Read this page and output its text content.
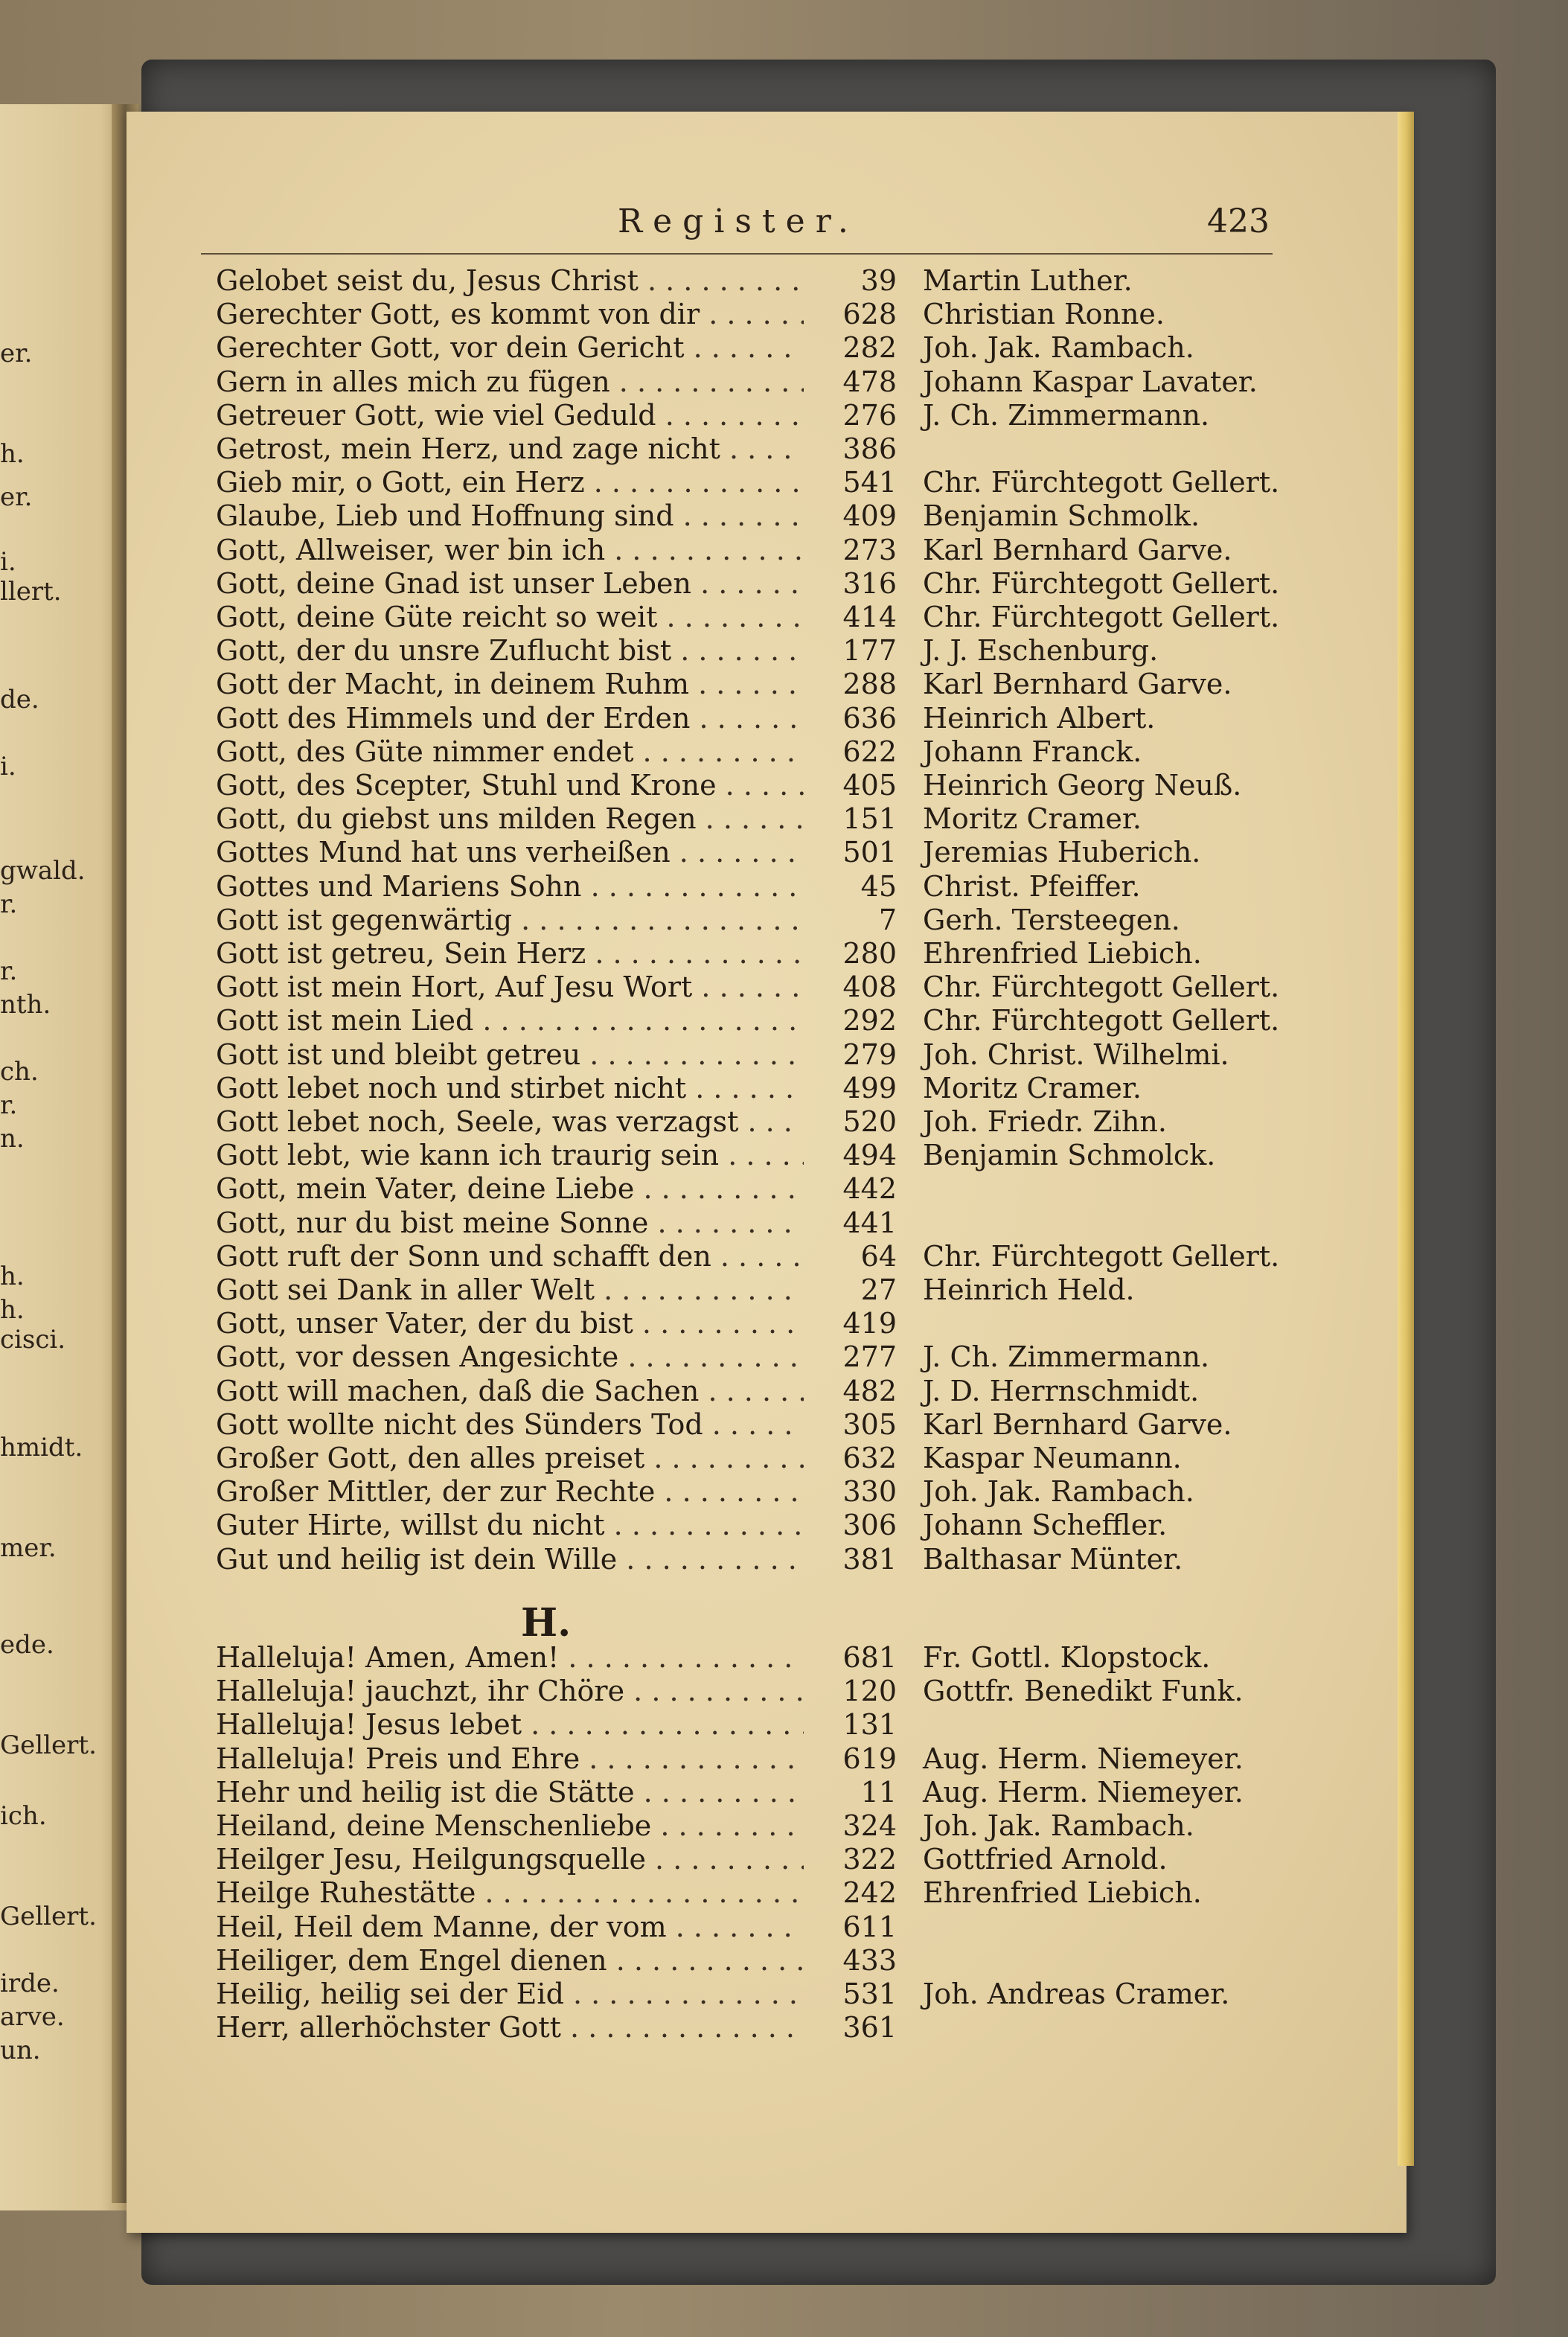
er.
h.
er.
i.
llert.
de.
i.
gwald.
r.
r.
nth.
ch.
r.
n.
h.
h.
cisci.
hmidt.
mer.
ede.
Gellert.
ich.
Gellert.
irde.
arve.
un.
Register.	423
Gelobet seist du, Jesus Christ . . .	39 Martin Luther.
Gerechter Gott, es kommt von dir . . .	628 Christian Ronne.
Gerechter Gott, vor dein Gericht . . .	282 Joh. Jak. Rambach.
Gern in alles mich zu fügen . . .	478 Johann Kaspar Lavater.
Getreuer Gott, wie viel Geduld . . .	276 J. Ch. Zimmermann.
Getrost, mein Herz, und zage nicht . . .	386
Gieb mir, o Gott, ein Herz . . .	541 Chr. Fürchtegott Gellert.
Glaube, Lieb und Hoffnung sind . . .	409 Benjamin Schmolk.
Gott, Allweiser, wer bin ich . . .	273 Karl Bernhard Garve.
Gott, deine Gnad ist unser Leben . . .	316 Chr. Fürchtegott Gellert.
Gott, deine Güte reicht so weit . . .	414 Chr. Fürchtegott Gellert.
Gott, der du unsre Zuflucht bist . . .	177 J. J. Eschenburg.
Gott der Macht, in deinem Ruhm . . .	288 Karl Bernhard Garve.
Gott des Himmels und der Erden . . .	636 Heinrich Albert.
Gott, des Güte nimmer endet . . .	622 Johann Franck.
Gott, des Scepter, Stuhl und Krone . . .	405 Heinrich Georg Neuß.
Gott, du giebst uns milden Regen . . .	151 Moritz Cramer.
Gottes Mund hat uns verheißen . . .	501 Jeremias Huberich.
Gottes und Mariens Sohn . . .	45 Christ. Pfeiffer.
Gott ist gegenwärtig . . .	7 Gerh. Tersteegen.
Gott ist getreu, Sein Herz . . .	280 Ehrenfried Liebich.
Gott ist mein Hort, Auf Jesu Wort . . .	408 Chr. Fürchtegott Gellert.
Gott ist mein Lied . . .	292 Chr. Fürchtegott Gellert.
Gott ist und bleibt getreu . . .	279 Joh. Christ. Wilhelmi.
Gott lebet noch und stirbet nicht . . .	499 Moritz Cramer.
Gott lebet noch, Seele, was verzagst . . .	520 Joh. Friedr. Zihn.
Gott lebt, wie kann ich traurig sein . . .	494 Benjamin Schmolck.
Gott, mein Vater, deine Liebe . . .	442
Gott, nur du bist meine Sonne . . .	441
Gott ruft der Sonn und schafft den . . .	64 Chr. Fürchtegott Gellert.
Gott sei Dank in aller Welt . . .	27 Heinrich Held.
Gott, unser Vater, der du bist . . .	419
Gott, vor dessen Angesichte . . .	277 J. Ch. Zimmermann.
Gott will machen, daß die Sachen . . .	482 J. D. Herrnschmidt.
Gott wollte nicht des Sünders Tod . . .	305 Karl Bernhard Garve.
Großer Gott, den alles preiset . . .	632 Kaspar Neumann.
Großer Mittler, der zur Rechte . . .	330 Joh. Jak. Rambach.
Guter Hirte, willst du nicht . . .	306 Johann Scheffler.
Gut und heilig ist dein Wille . . .	381 Balthasar Münter.
H.
Halleluja! Amen, Amen! . . .	681 Fr. Gottl. Klopstock.
Halleluja! jauchzt, ihr Chöre . . .	120 Gottfr. Benedikt Funk.
Halleluja! Jesus lebet . . .	131
Halleluja! Preis und Ehre . . .	619 Aug. Herm. Niemeyer.
Hehr und heilig ist die Stätte . . .	11 Aug. Herm. Niemeyer.
Heiland, deine Menschenliebe . . .	324 Joh. Jak. Rambach.
Heilger Jesu, Heilgungsquelle . . .	322 Gottfried Arnold.
Heilge Ruhestätte . . .	242 Ehrenfried Liebich.
Heil, Heil dem Manne, der vom . . .	611
Heiliger, dem Engel dienen . . .	433
Heilig, heilig sei der Eid . . .	531 Joh. Andreas Cramer.
Herr, allerhöchster Gott . . .	361
